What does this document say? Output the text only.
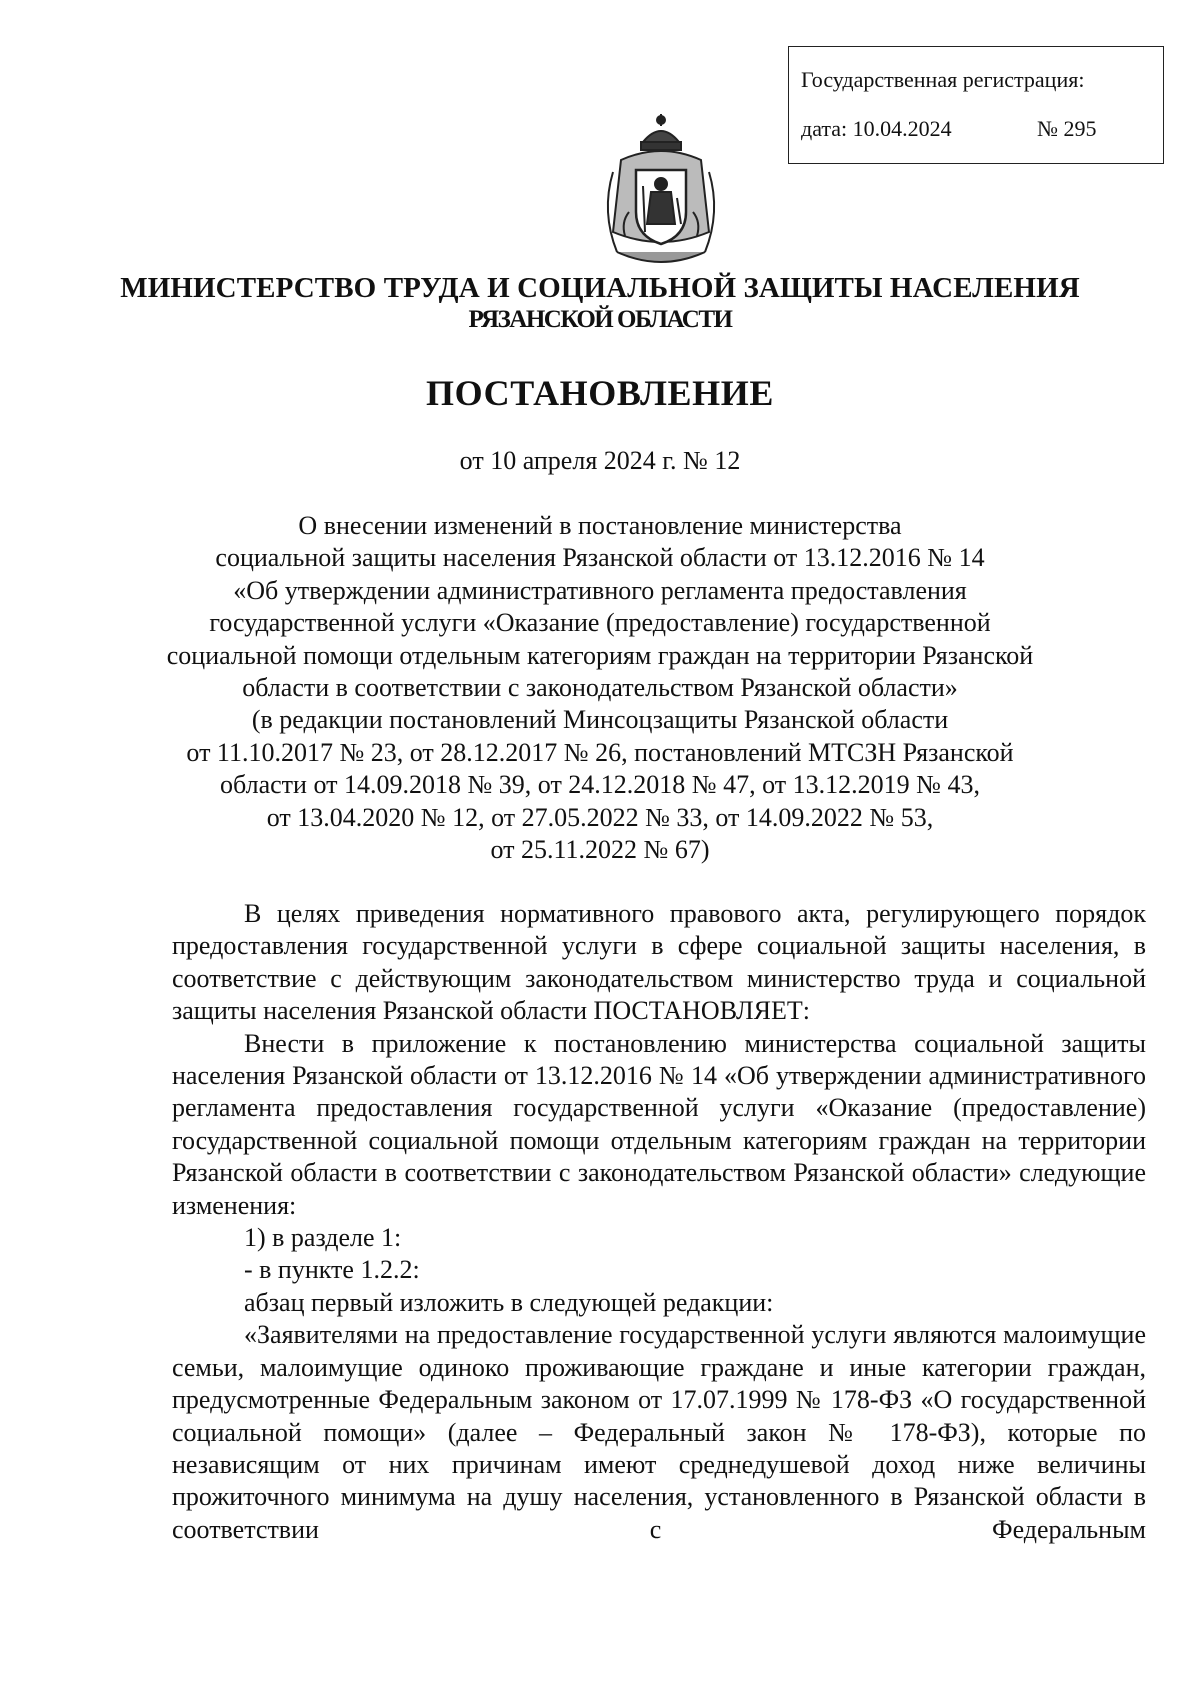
Государственная регистрация:
дата: 10.04.2024	№ 295
МИНИСТЕРСТВО ТРУДА И СОЦИАЛЬНОЙ ЗАЩИТЫ НАСЕЛЕНИЯ
РЯЗАНСКОЙ ОБЛАСТИ
ПОСТАНОВЛЕНИЕ
от 10 апреля 2024 г. № 12
О внесении изменений в постановление министерства
социальной защиты населения Рязанской области от 13.12.2016 № 14
«Об утверждении административного регламента предоставления
государственной услуги «Оказание (предоставление) государственной
социальной помощи отдельным категориям граждан на территории Рязанской
области в соответствии с законодательством Рязанской области»
(в редакции постановлений Минсоцзащиты Рязанской области
от 11.10.2017 № 23, от 28.12.2017 № 26, постановлений МТСЗН Рязанской
области от 14.09.2018 № 39, от 24.12.2018 № 47, от 13.12.2019 № 43,
от 13.04.2020 № 12, от 27.05.2022 № 33, от 14.09.2022 № 53,
от 25.11.2022 № 67)

В целях приведения нормативного правового акта, регулирующего порядок предоставления государственной услуги в сфере социальной защиты населения, в соответствие с действующим законодательством министерство труда и социальной защиты населения Рязанской области ПОСТАНОВЛЯЕТ:

Внести в приложение к постановлению министерства социальной защиты населения Рязанской области от 13.12.2016 № 14 «Об утверждении административного регламента предоставления государственной услуги «Оказание (предоставление) государственной социальной помощи отдельным категориям граждан на территории Рязанской области в соответствии с законодательством Рязанской области» следующие изменения:

1) в разделе 1:

- в пункте 1.2.2:

абзац первый изложить в следующей редакции:

«Заявителями на предоставление государственной услуги являются малоимущие семьи, малоимущие одиноко проживающие граждане и иные категории граждан, предусмотренные Федеральным законом от 17.07.1999 № 178-ФЗ «О государственной социальной помощи» (далее – Федеральный закон № 178-ФЗ), которые по независящим от них причинам имеют среднедушевой доход ниже величины прожиточного минимума на душу населения, установленного в Рязанской области в соответствии с Федеральным
